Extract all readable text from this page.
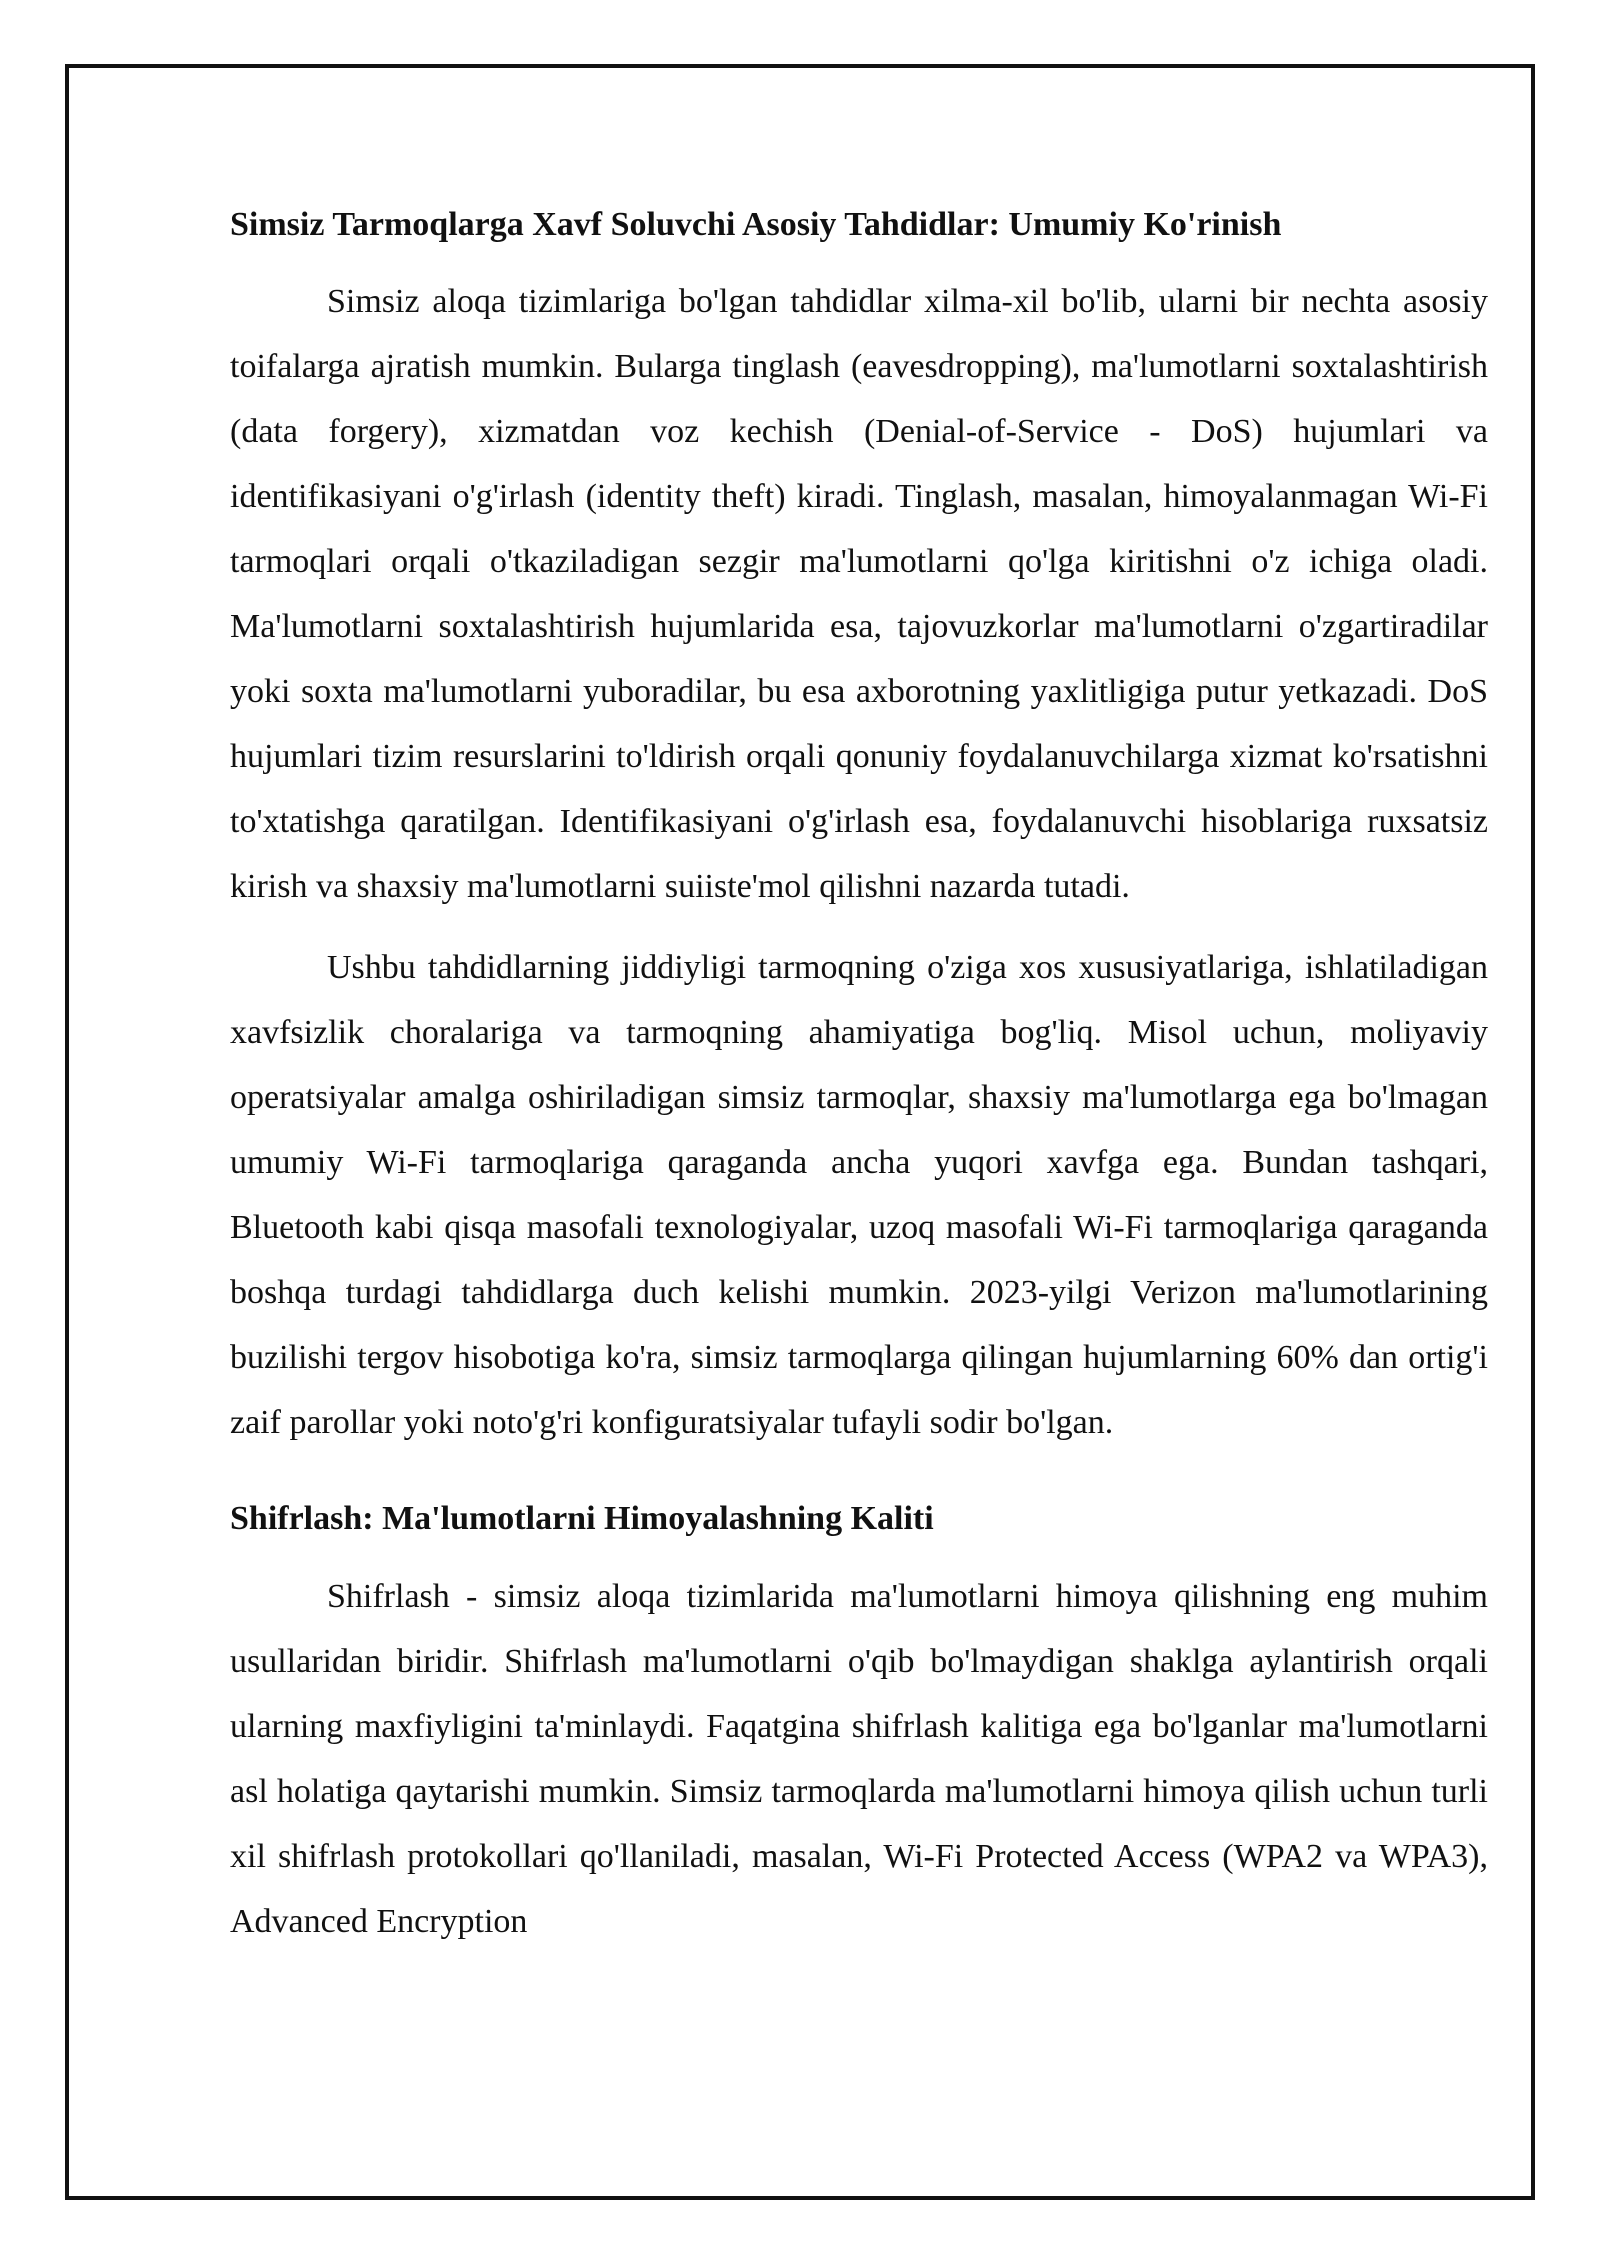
Simsiz Tarmoqlarga Xavf Soluvchi Asosiy Tahdidlar: Umumiy Ko'rinish

Simsiz aloqa tizimlariga bo'lgan tahdidlar xilma-xil bo'lib, ularni bir nechta asosiy toifalarga ajratish mumkin. Bularga tinglash (eavesdropping), ma'lumotlarni soxtalashtirish (data forgery), xizmatdan voz kechish (Denial-of-Service - DoS) hujumlari va identifikasiyani o'g'irlash (identity theft) kiradi. Tinglash, masalan, himoyalanmagan Wi-Fi tarmoqlari orqali o'tkaziladigan sezgir ma'lumotlarni qo'lga kiritishni o'z ichiga oladi. Ma'lumotlarni soxtalashtirish hujumlarida esa, tajovuzkorlar ma'lumotlarni o'zgartiradilar yoki soxta ma'lumotlarni yuboradilar, bu esa axborotning yaxlitligiga putur yetkazadi. DoS hujumlari tizim resurslarini to'ldirish orqali qonuniy foydalanuvchilarga xizmat ko'rsatishni to'xtatishga qaratilgan. Identifikasiyani o'g'irlash esa, foydalanuvchi hisoblariga ruxsatsiz kirish va shaxsiy ma'lumotlarni suiiste'mol qilishni nazarda tutadi.

Ushbu tahdidlarning jiddiyligi tarmoqning o'ziga xos xususiyatlariga, ishlatiladigan xavfsizlik choralariga va tarmoqning ahamiyatiga bog'liq. Misol uchun, moliyaviy operatsiyalar amalga oshiriladigan simsiz tarmoqlar, shaxsiy ma'lumotlarga ega bo'lmagan umumiy Wi-Fi tarmoqlariga qaraganda ancha yuqori xavfga ega. Bundan tashqari, Bluetooth kabi qisqa masofali texnologiyalar, uzoq masofali Wi-Fi tarmoqlariga qaraganda boshqa turdagi tahdidlarga duch kelishi mumkin. 2023-yilgi Verizon ma'lumotlarining buzilishi tergov hisobotiga ko'ra, simsiz tarmoqlarga qilingan hujumlarning 60% dan ortig'i zaif parollar yoki noto'g'ri konfiguratsiyalar tufayli sodir bo'lgan.

Shifrlash: Ma'lumotlarni Himoyalashning Kaliti

Shifrlash - simsiz aloqa tizimlarida ma'lumotlarni himoya qilishning eng muhim usullaridan biridir. Shifrlash ma'lumotlarni o'qib bo'lmaydigan shaklga aylantirish orqali ularning maxfiyligini ta'minlaydi. Faqatgina shifrlash kalitiga ega bo'lganlar ma'lumotlarni asl holatiga qaytarishi mumkin. Simsiz tarmoqlarda ma'lumotlarni himoya qilish uchun turli xil shifrlash protokollari qo'llaniladi, masalan, Wi-Fi Protected Access (WPA2 va WPA3), Advanced Encryption
